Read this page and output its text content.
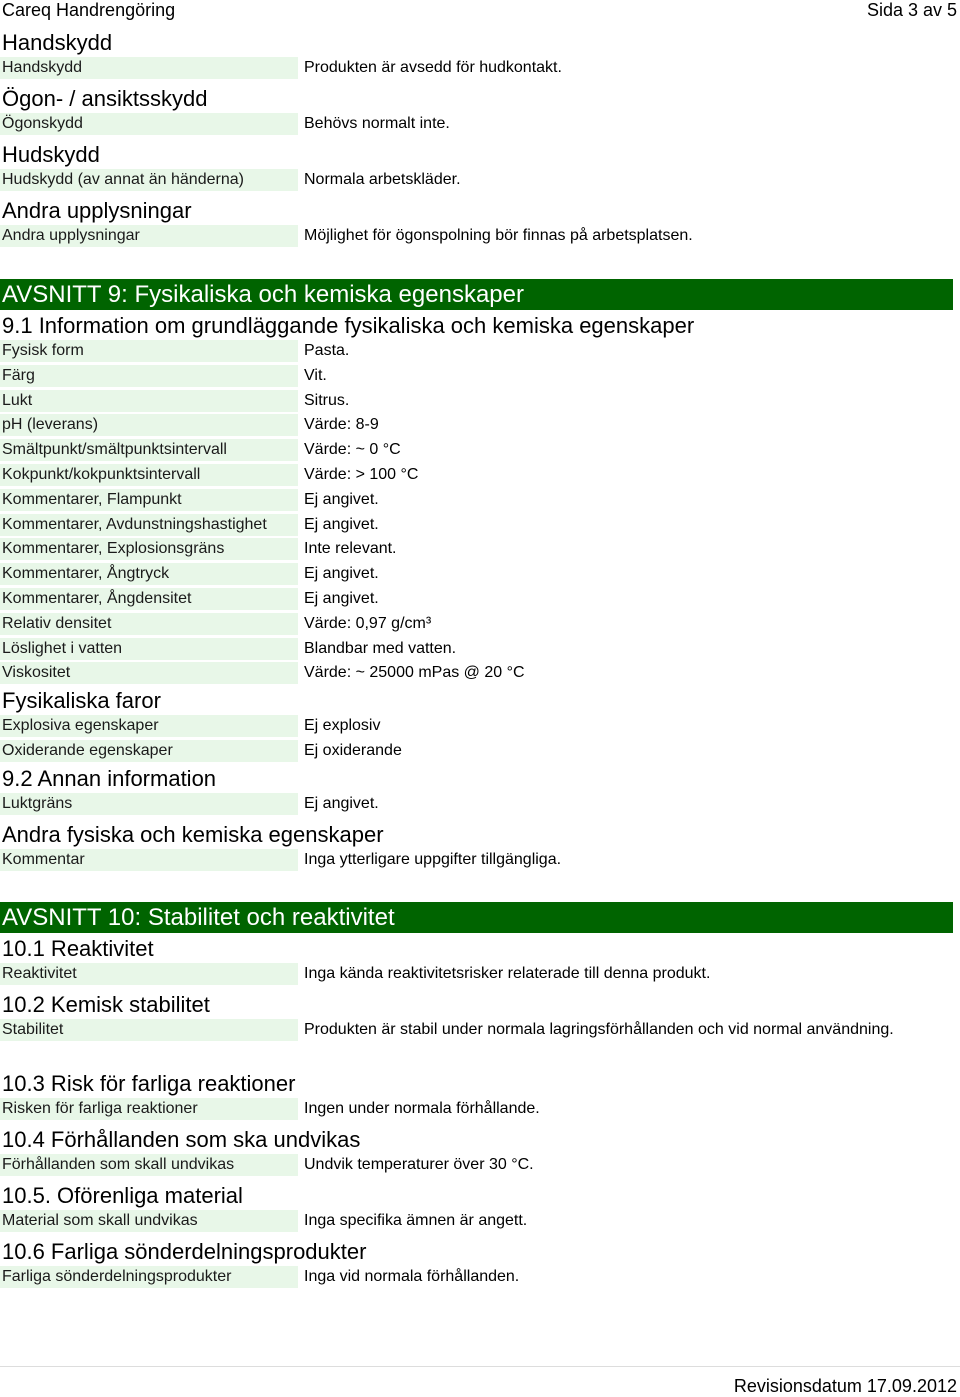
Careq Handrengöring	Sida 3 av 5
Handskydd
Handskydd	Produkten är avsedd för hudkontakt.
Ögon- / ansiktsskydd
Ögonskydd	Behövs normalt inte.
Hudskydd
Hudskydd (av annat än händerna)	Normala arbetskläder.
Andra upplysningar
Andra upplysningar	Möjlighet för ögonspolning bör finnas på arbetsplatsen.
AVSNITT 9: Fysikaliska och kemiska egenskaper
9.1 Information om grundläggande fysikaliska och kemiska egenskaper
Fysisk form	Pasta.
Färg	Vit.
Lukt	Sitrus.
pH (leverans)	Värde: 8-9
Smältpunkt/smältpunktsintervall	Värde: ~ 0 °C
Kokpunkt/kokpunktsintervall	Värde: > 100 °C
Kommentarer, Flampunkt	Ej angivet.
Kommentarer, Avdunstningshastighet	Ej angivet.
Kommentarer, Explosionsgräns	Inte relevant.
Kommentarer, Ångtryck	Ej angivet.
Kommentarer, Ångdensitet	Ej angivet.
Relativ densitet	Värde: 0,97 g/cm³
Löslighet i vatten	Blandbar med vatten.
Viskositet	Värde: ~ 25000 mPas @ 20 °C
Fysikaliska faror
Explosiva egenskaper	Ej explosiv
Oxiderande egenskaper	Ej oxiderande
9.2 Annan information
Luktgräns	Ej angivet.
Andra fysiska och kemiska egenskaper
Kommentar	Inga ytterligare uppgifter tillgängliga.
AVSNITT 10: Stabilitet och reaktivitet
10.1 Reaktivitet
Reaktivitet	Inga kända reaktivitetsrisker relaterade till denna produkt.
10.2 Kemisk stabilitet
Stabilitet	Produkten är stabil under normala lagringsförhållanden och vid normal användning.
10.3 Risk för farliga reaktioner
Risken för farliga reaktioner	Ingen under normala förhållande.
10.4 Förhållanden som ska undvikas
Förhållanden som skall undvikas	Undvik temperaturer över 30 °C.
10.5. Oförenliga material
Material som skall undvikas	Inga specifika ämnen är angett.
10.6 Farliga sönderdelningsprodukter
Farliga sönderdelningsprodukter	Inga vid normala förhållanden.
Revisionsdatum 17.09.2012
